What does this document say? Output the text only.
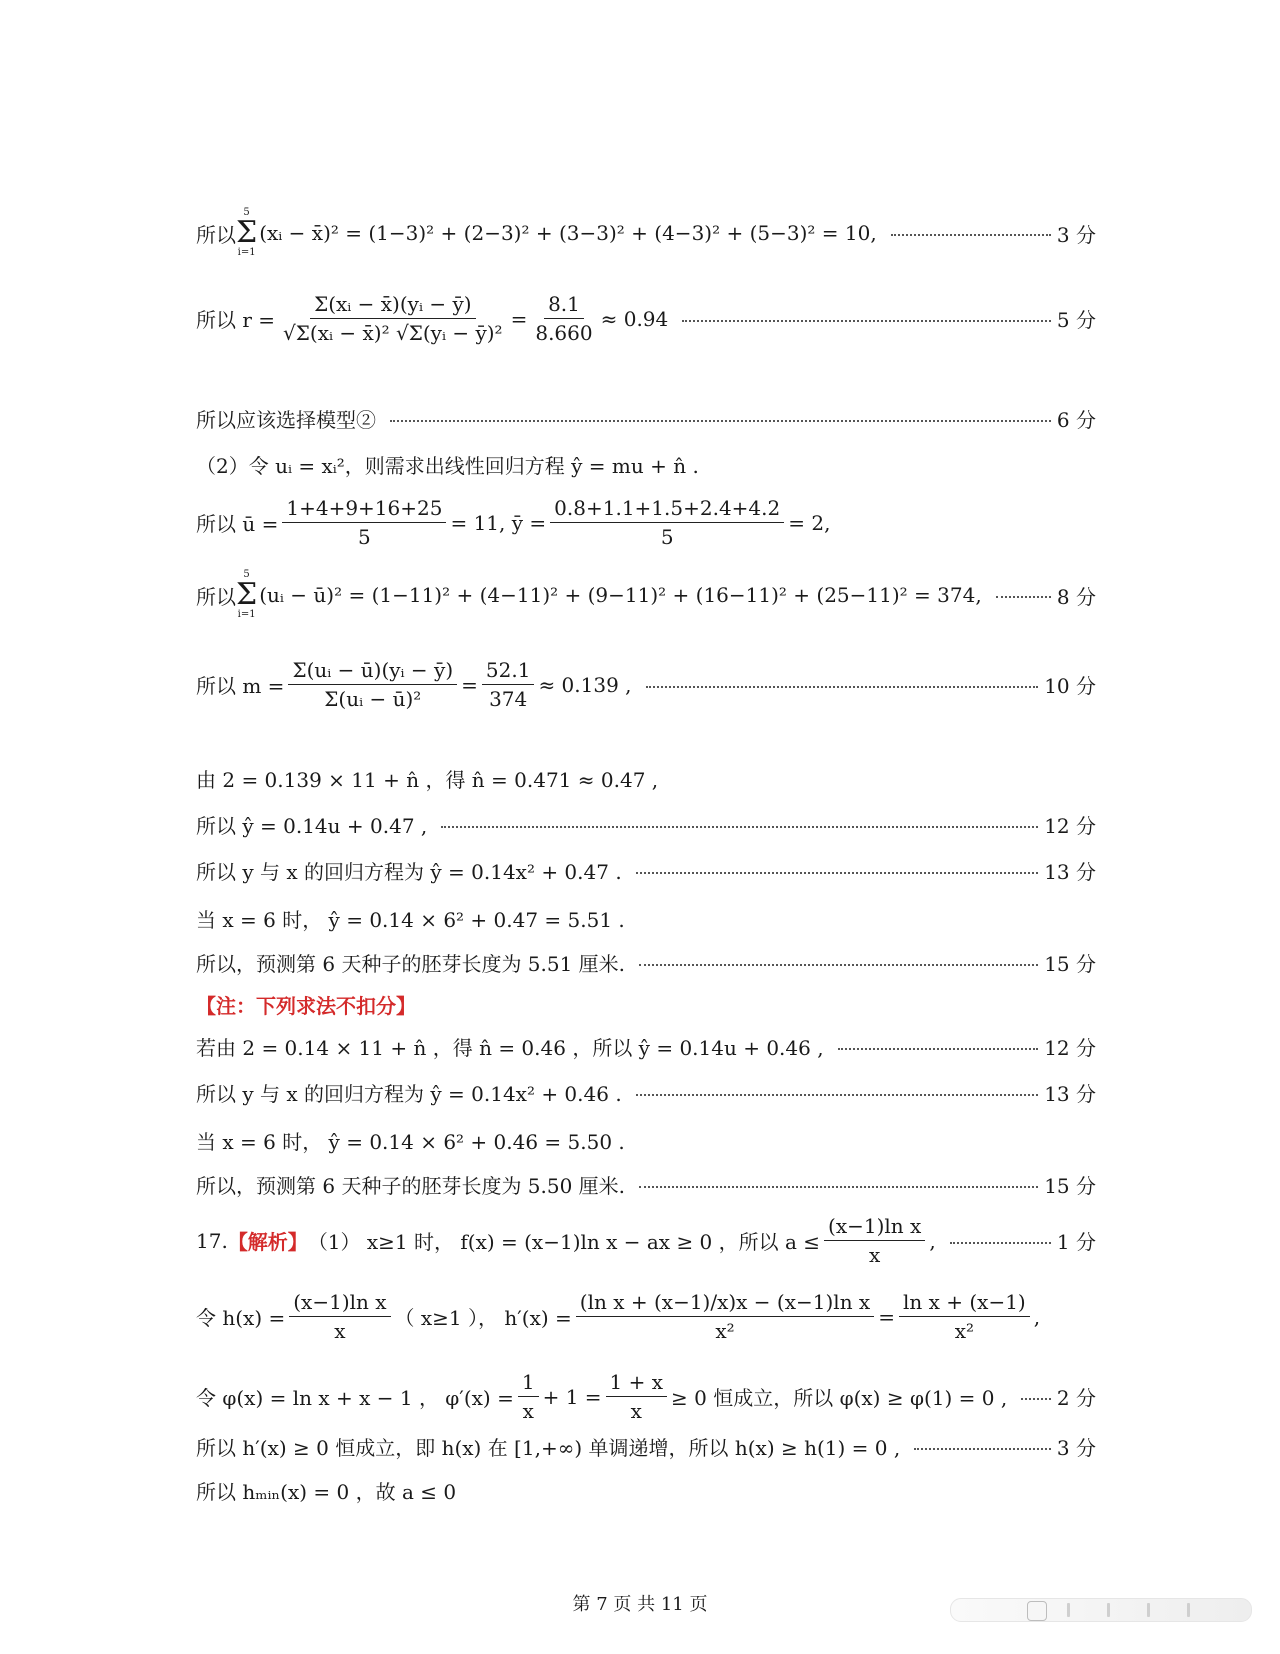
所以
5
Σ
i=1
(xᵢ − x̄)² = (1−3)² + (2−3)² + (3−3)² + (4−3)² + (5−3)² = 10,	3 分
所以 $r = \frac{\text{Σ(xᵢ − x̄)(yᵢ − ȳ)}}{\text{√Σ(xᵢ − x̄)² √Σ(yᵢ − ȳ)²}} = \frac{8.1}{8.660} \approx 0.94$	5 分
所以应该选择模型②	6 分
（2）令 uᵢ = xᵢ²，则需求出线性回归方程 ŷ = mu + n̂ .
所以 ū = $\frac{1+4+9+16+25}{5} = 11$, ȳ = $\frac{0.8+1.1+1.5+2.4+4.2}{5} = 2$,
所以
5
Σ
i=1
(uᵢ − ū)² = (1−11)² + (4−11)² + (9−11)² + (16−11)² + (25−11)² = 374,	8 分
所以 $m = \frac{\text{Σ(uᵢ − ū)(yᵢ − ȳ)}}{\text{Σ(uᵢ − ū)²}} = \frac{52.1}{374} \approx 0.139$ ,	10 分
由 2 = 0.139 × 11 + n̂ ，得 n̂ = 0.471 ≈ 0.47 ,
所以 ŷ = 0.14u + 0.47 ,	12 分
所以 y 与 x 的回归方程为 ŷ = 0.14x² + 0.47 .	13 分
当 x = 6 时， ŷ = 0.14 × 6² + 0.47 = 5.51 .
所以，预测第 6 天种子的胚芽长度为 5.51 厘米.	15 分
【注：下列求法不扣分】
若由 2 = 0.14 × 11 + n̂ ，得 n̂ = 0.46 ，所以 ŷ = 0.14u + 0.46 ,	12 分
所以 y 与 x 的回归方程为 ŷ = 0.14x² + 0.46 .	13 分
当 x = 6 时， ŷ = 0.14 × 6² + 0.46 = 5.50 .
所以，预测第 6 天种子的胚芽长度为 5.50 厘米.	15 分
17. 【解析】 （1） x≥1 时， f(x) = (x−1)ln x − ax ≥ 0 ，所以 $a \le \frac{\text{(x−1)ln x}}{x}$ ,	1 分
令 $h(x) = \frac{\text{(x−1)ln x}}{x}$ （ x≥1 ）， $h'(x) = \frac{\text{(ln x + (x−1)/x)x − (x−1)ln x}}{\text{x²}} = \frac{\text{ln x + (x−1)}}{\text{x²}}$ ,
令 φ(x) = ln x + x − 1 ， $\varphi'(x) = \frac{1}{x} + 1 = \frac{1 + x}{x} \ge 0$ 恒成立，所以 φ(x) ≥ φ(1) = 0 , 2 分
所以 h′(x) ≥ 0 恒成立，即 h(x) 在 [1,+∞) 单调递增，所以 h(x) ≥ h(1) = 0 ,	3 分
所以 hₘᵢₙ(x) = 0 ，故 a ≤ 0
第 7 页 共 11 页
